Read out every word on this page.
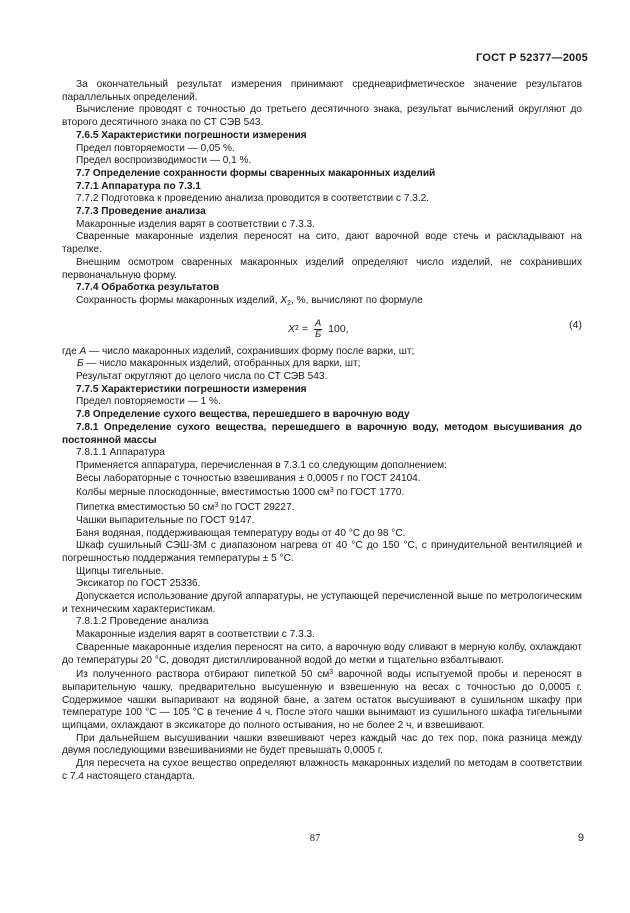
ГОСТ Р 52377—2005

За окончательный результат измерения принимают среднеарифметическое значение результатов параллельных определений.

Вычисление проводят с точностью до третьего десятичного знака, результат вычислений округляют до второго десятичного знака по СТ СЭВ 543.

7.6.5 Характеристики погрешности измерения

Предел повторяемости — 0,05 %.

Предел воспроизводимости — 0,1 %.

7.7 Определение сохранности формы сваренных макаронных изделий

7.7.1 Аппаратура по 7.3.1

7.7.2 Подготовка к проведению анализа проводится в соответствии с 7.3.2.

7.7.3 Проведение анализа

Макаронные изделия варят в соответствии с 7.3.3.

Сваренные макаронные изделия переносят на сито, дают варочной воде стечь и раскладывают на тарелке.

Внешним осмотром сваренных макаронных изделий определяют число изделий, не сохранивших первоначальную форму.

7.7.4 Обработка результатов

Сохранность формы макаронных изделий, $X_2$, %, вычисляют по формуле

X $2 = \frac{А}{Б} 100$,	(4)

где А — число макаронных изделий, сохранивших форму после варки, шт;

Б — число макаронных изделий, отобранных для варки, шт;

Результат округляют до целого числа по СТ СЭВ 543.

7.7.5 Характеристики погрешности измерения

Предел повторяемости — 1 %.

7.8 Определение сухого вещества, перешедшего в варочную воду

7.8.1 Определение сухого вещества, перешедшего в варочную воду, методом высушивания до постоянной массы

7.8.1.1 Аппаратура

Применяется аппаратура, перечисленная в 7.3.1 со следующим дополнением:

Весы лабораторные с точностью взвешивания ± 0,0005 г по ГОСТ 24104.

Колбы мерные плоскодонные, вместимостью 1000 $см^3$ по ГОСТ 1770.

Пипетка вместимостью 50 $см^3$ по ГОСТ 29227.

Чашки выпарительные по ГОСТ 9147.

Баня водяная, поддерживающая температуру воды от 40 °С до 98 °С.

Шкаф сушильный СЭШ-3М с диапазоном нагрева от 40 °С до 150 °С, с принудительной вентиляцией и погрешностью поддержания температуры ± 5 °С.

Щипцы тигельные.

Эксикатор по ГОСТ 25336.

Допускается использование другой аппаратуры, не уступающей перечисленной выше по метрологическим и техническим характеристикам.

7.8.1.2 Проведение анализа

Макаронные изделия варят в соответствии с 7.3.3.

Сваренные макаронные изделия переносят на сито, а варочную воду сливают в мерную колбу, охлаждают до температуры 20 °С, доводят дистиллированной водой до метки и тщательно взбалтывают.

Из полученного раствора отбирают пипеткой 50 $см^3$ варочной воды испытуемой пробы и переносят в выпарительную чашку, предварительно высушенную и взвешенную на весах с точностью до 0,0005 г. Содержимое чашки выпаривают на водяной бане, а затем остаток высушивают в сушильном шкафу при температуре 100 °С — 105 °С в течение 4 ч. После этого чашки вынимают из сушильного шкафа тигельными щипцами, охлаждают в эксикаторе до полного остывания, но не более 2 ч, и взвешивают.

При дальнейшем высушивании чашки взвешивают через каждый час до тех пор, пока разница между двумя последующими взвешиваниями не будет превышать 0,0005 г.

Для пересчета на сухое вещество определяют влажность макаронных изделий по методам в соответствии с 7.4 настоящего стандарта.

87	9
